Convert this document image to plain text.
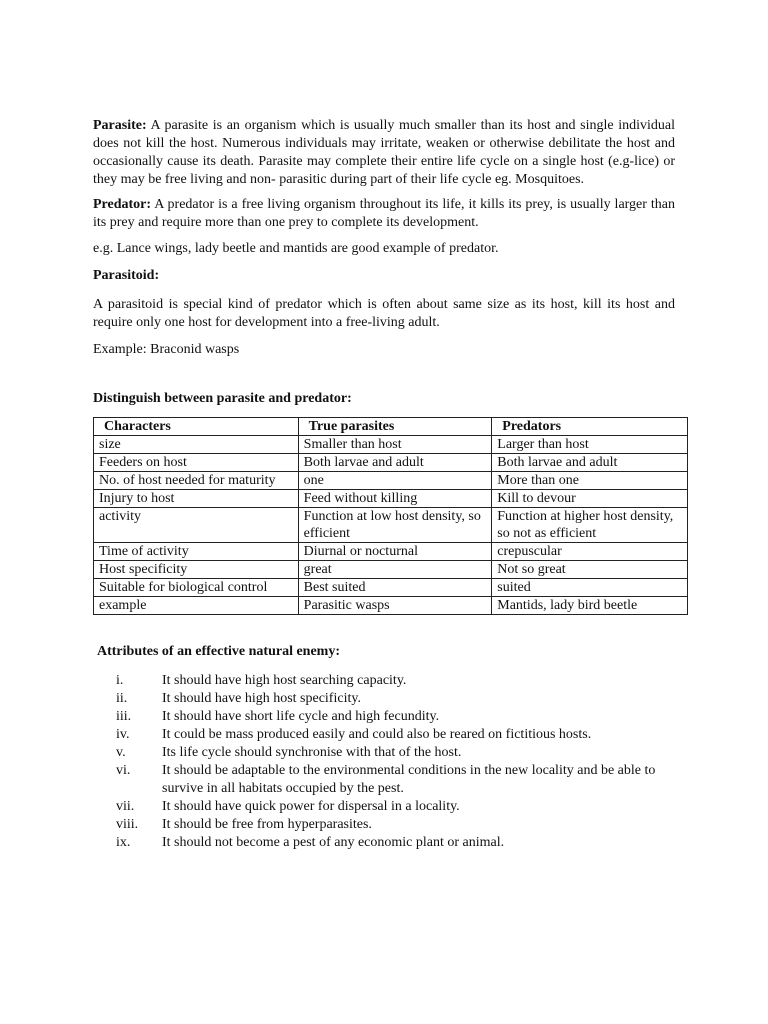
Parasite: A parasite is an organism which is usually much smaller than its host and single individual does not kill the host. Numerous individuals may irritate, weaken or otherwise debilitate the host and occasionally cause its death. Parasite may complete their entire life cycle on a single host (e.g-lice) or they may be free living and non- parasitic during part of their life cycle eg. Mosquitoes.

Predator: A predator is a free living organism throughout its life, it kills its prey, is usually larger than its prey and require more than one prey to complete its development.

e.g. Lance wings, lady beetle and mantids are good example of predator.

Parasitoid:

A parasitoid is special kind of predator which is often about same size as its host, kill its host and require only one host for development into a free-living adult.

Example: Braconid wasps

Distinguish between parasite and predator:

Characters	True parasites	Predators
size	Smaller than host	Larger than host
Feeders on host	Both larvae and adult	Both larvae and adult
No. of host needed for maturity	one	More than one
Injury to host	Feed without killing	Kill to devour
activity	Function at low host density, so efficient	Function at higher host density, so not as efficient
Time of activity	Diurnal or nocturnal	crepuscular
Host specificity	great	Not so great
Suitable for biological control	Best suited	suited
example	Parasitic wasps	Mantids, lady bird beetle

Attributes of an effective natural enemy:

i.	It should have high host searching capacity.
ii.	It should have high host specificity.
iii.	It should have short life cycle and high fecundity.
iv.	It could be mass produced easily and could also be reared on fictitious hosts.
v.	Its life cycle should synchronise with that of the host.
vi.	It should be adaptable to the environmental conditions in the new locality and be able to survive in all habitats occupied by the pest.
vii.	It should have quick power for dispersal in a locality.
viii.	It should be free from hyperparasites.
ix.	It should not become a pest of any economic plant or animal.
